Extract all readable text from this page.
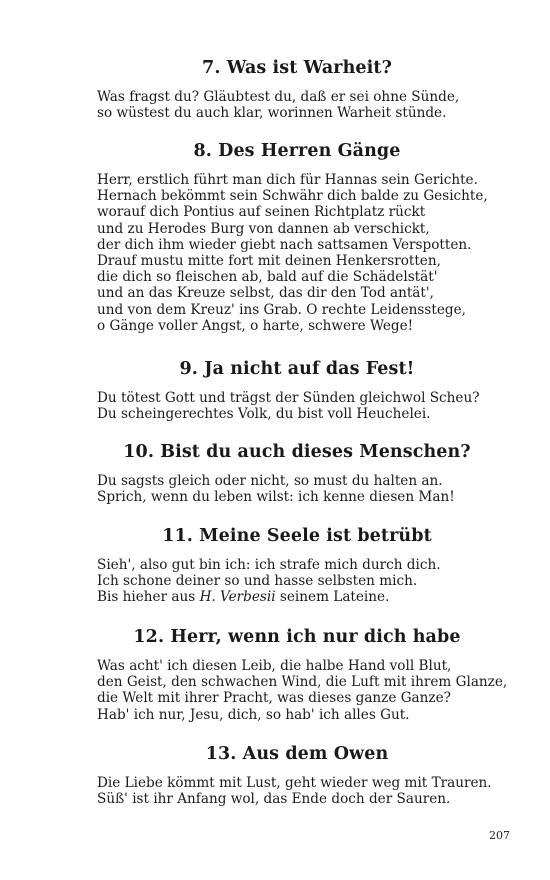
7. Was ist Warheit?
Was fragst du? Gläubtest du, daß er sei ohne Sünde,
so wüstest du auch klar, worinnen Warheit stünde.
8. Des Herren Gänge
Herr, erstlich führt man dich für Hannas sein Gerichte.
Hernach bekömmt sein Schwähr dich balde zu Gesichte,
worauf dich Pontius auf seinen Richtplatz rückt
und zu Herodes Burg von dannen ab verschickt,
der dich ihm wieder giebt nach sattsamen Verspotten.
Drauf mustu mitte fort mit deinen Henkersrotten,
die dich so fleischen ab, bald auf die Schädelstät'
und an das Kreuze selbst, das dir den Tod antät',
und von dem Kreuz' ins Grab. O rechte Leidensstege,
o Gänge voller Angst, o harte, schwere Wege!
9. Ja nicht auf das Fest!
Du tötest Gott und trägst der Sünden gleichwol Scheu?
Du scheingerechtes Volk, du bist voll Heuchelei.
10. Bist du auch dieses Menschen?
Du sagsts gleich oder nicht, so must du halten an.
Sprich, wenn du leben wilst: ich kenne diesen Man!
11. Meine Seele ist betrübt
Sieh', also gut bin ich: ich strafe mich durch dich.
Ich schone deiner so und hasse selbsten mich.
Bis hieher aus H. Verbesii seinem Lateine.
12. Herr, wenn ich nur dich habe
Was acht' ich diesen Leib, die halbe Hand voll Blut,
den Geist, den schwachen Wind, die Luft mit ihrem Glanze,
die Welt mit ihrer Pracht, was dieses ganze Ganze?
Hab' ich nur, Jesu, dich, so hab' ich alles Gut.
13. Aus dem Owen
Die Liebe kömmt mit Lust, geht wieder weg mit Trauren.
Süß' ist ihr Anfang wol, das Ende doch der Sauren.
207
